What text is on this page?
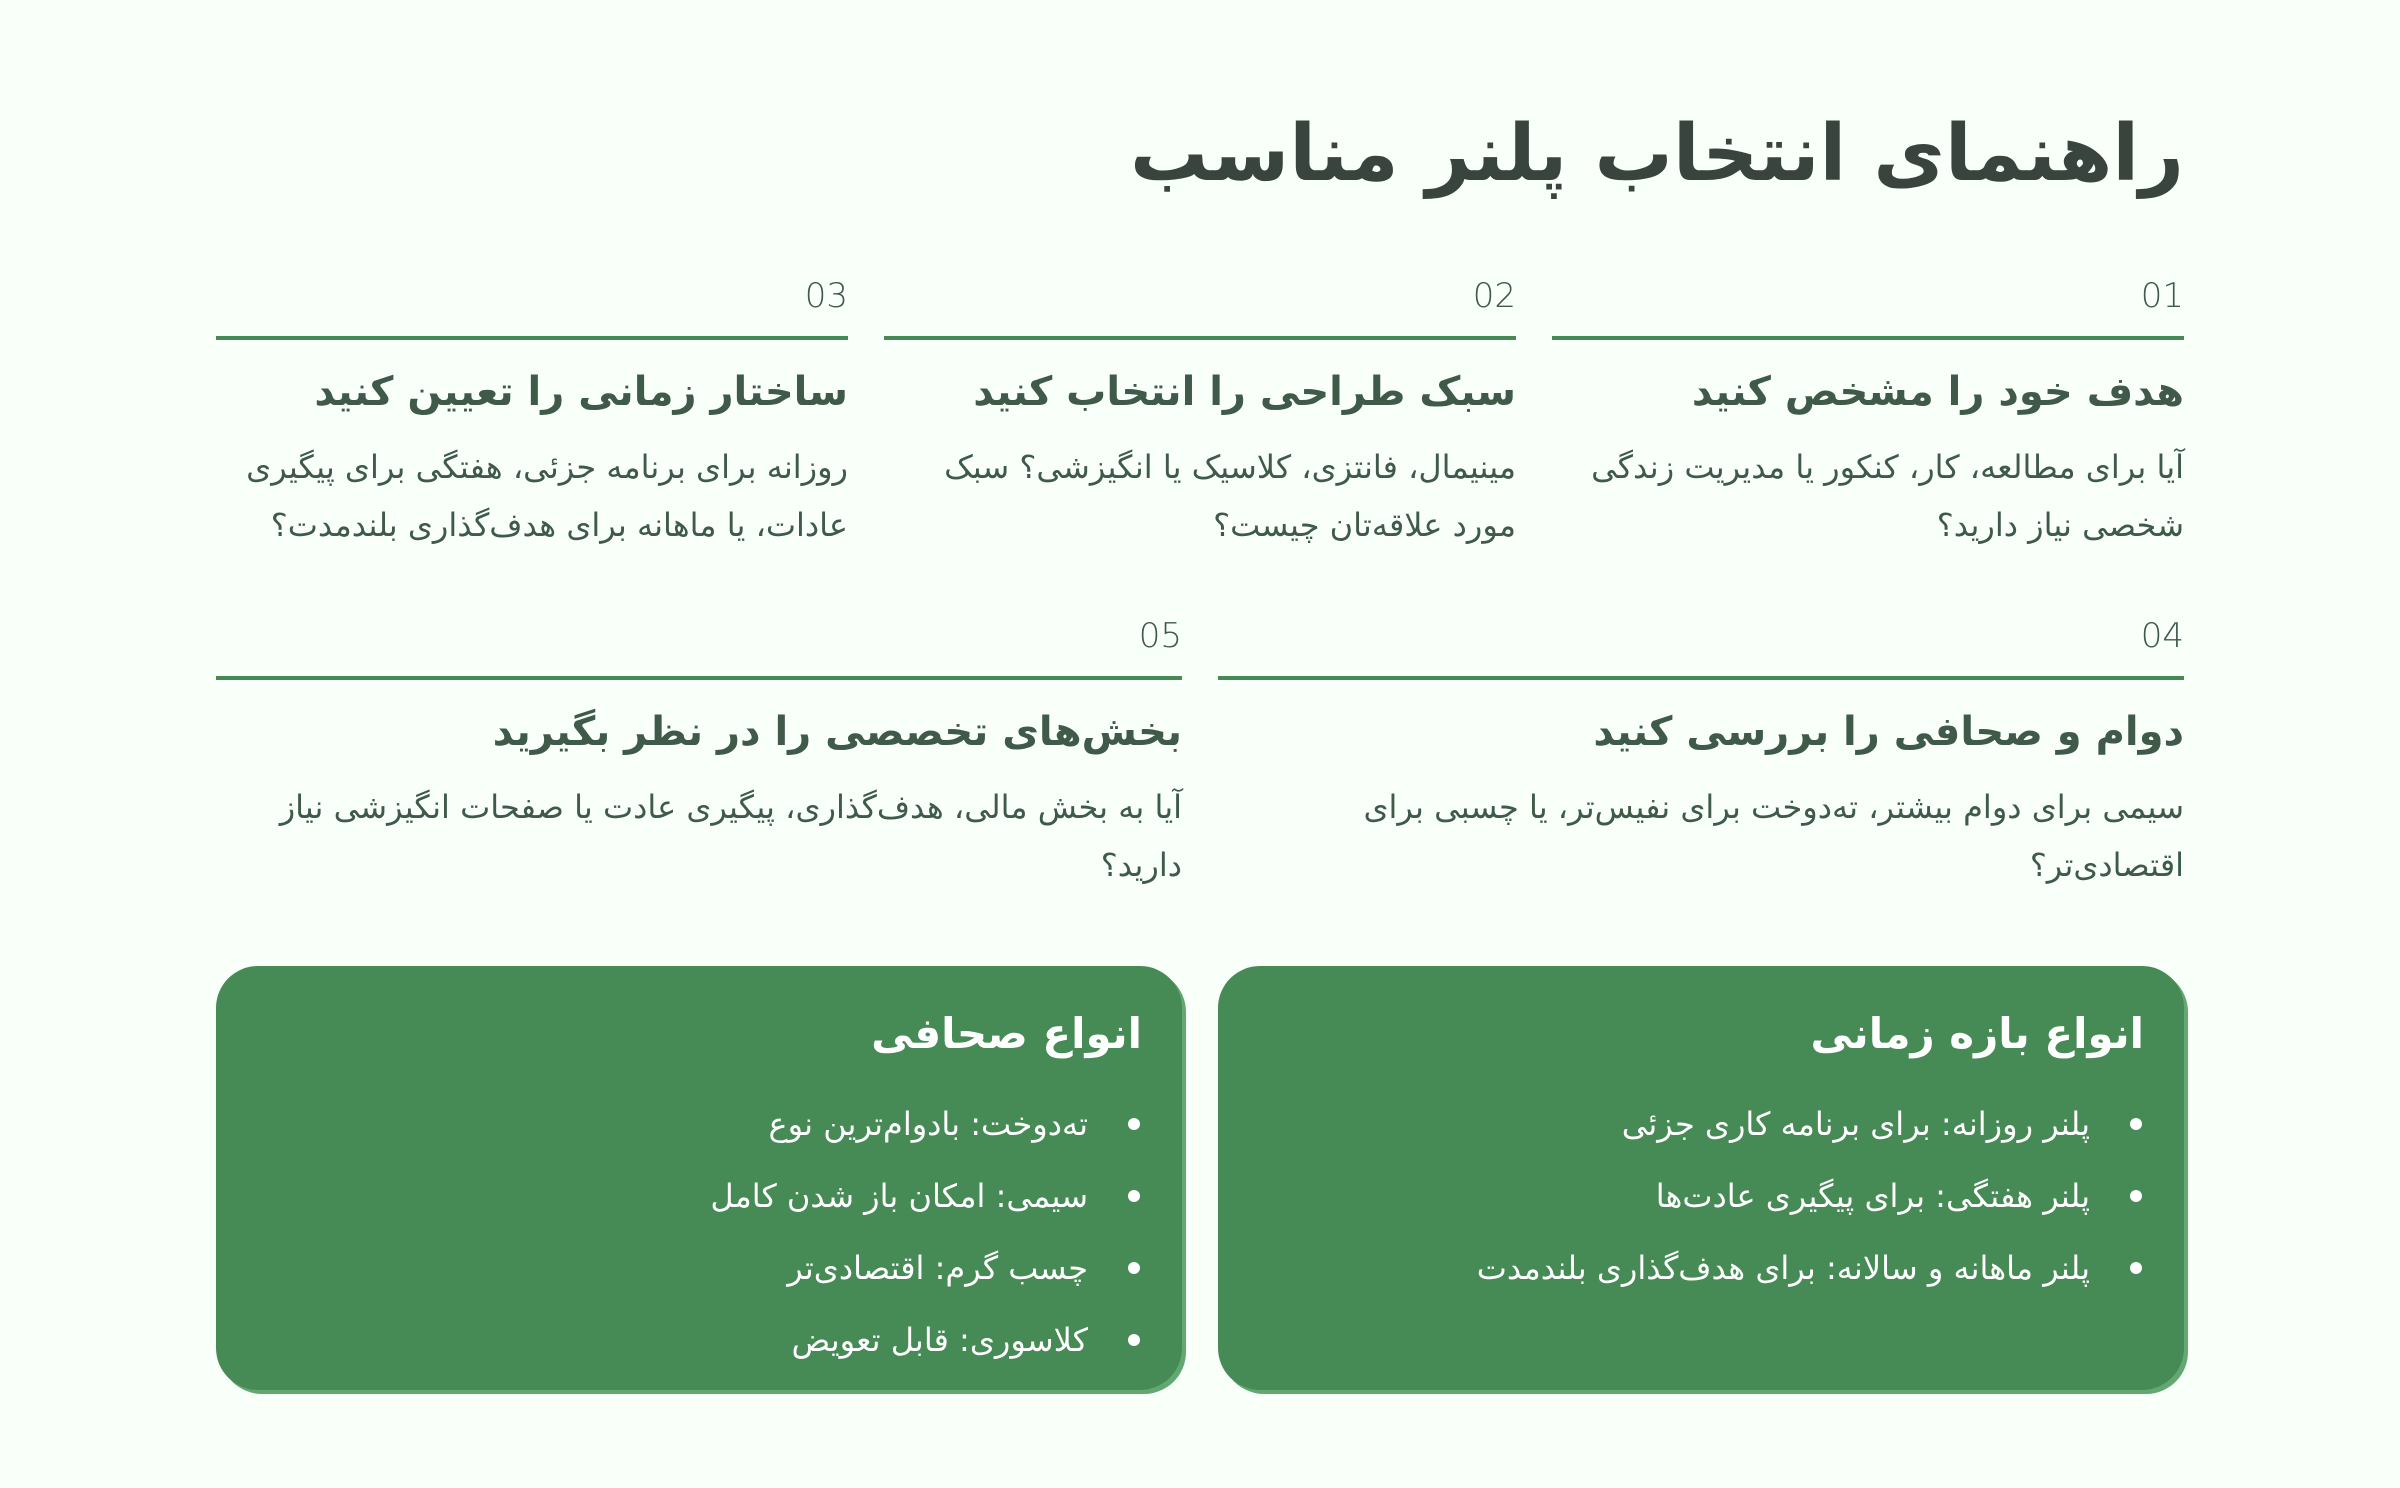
راهنمای انتخاب پلنر مناسب
01
هدف خود را مشخص کنید

آیا برای مطالعه، کار، کنکور یا مدیریت زندگی شخصی نیاز دارید؟

02
سبک طراحی را انتخاب کنید

مینیمال، فانتزی، کلاسیک یا انگیزشی؟ سبک مورد علاقه‌تان چیست؟

03
ساختار زمانی را تعیین کنید

روزانه برای برنامه جزئی، هفتگی برای پیگیری عادات، یا ماهانه برای هدف‌گذاری بلندمدت؟

04
دوام و صحافی را بررسی کنید

سیمی برای دوام بیشتر، ته‌دوخت برای نفیس‌تر، یا چسبی برای اقتصادی‌تر؟

05
بخش‌های تخصصی را در نظر بگیرید

آیا به بخش مالی، هدف‌گذاری، پیگیری عادت یا صفحات انگیزشی نیاز دارید؟

انواع بازه زمانی
پلنر روزانه: برای برنامه کاری جزئی
پلنر هفتگی: برای پیگیری عادت‌ها
پلنر ماهانه و سالانه: برای هدف‌گذاری بلندمدت
انواع صحافی
ته‌دوخت: بادوام‌ترین نوع
سیمی: امکان باز شدن کامل
چسب گرم: اقتصادی‌تر
کلاسوری: قابل تعویض
